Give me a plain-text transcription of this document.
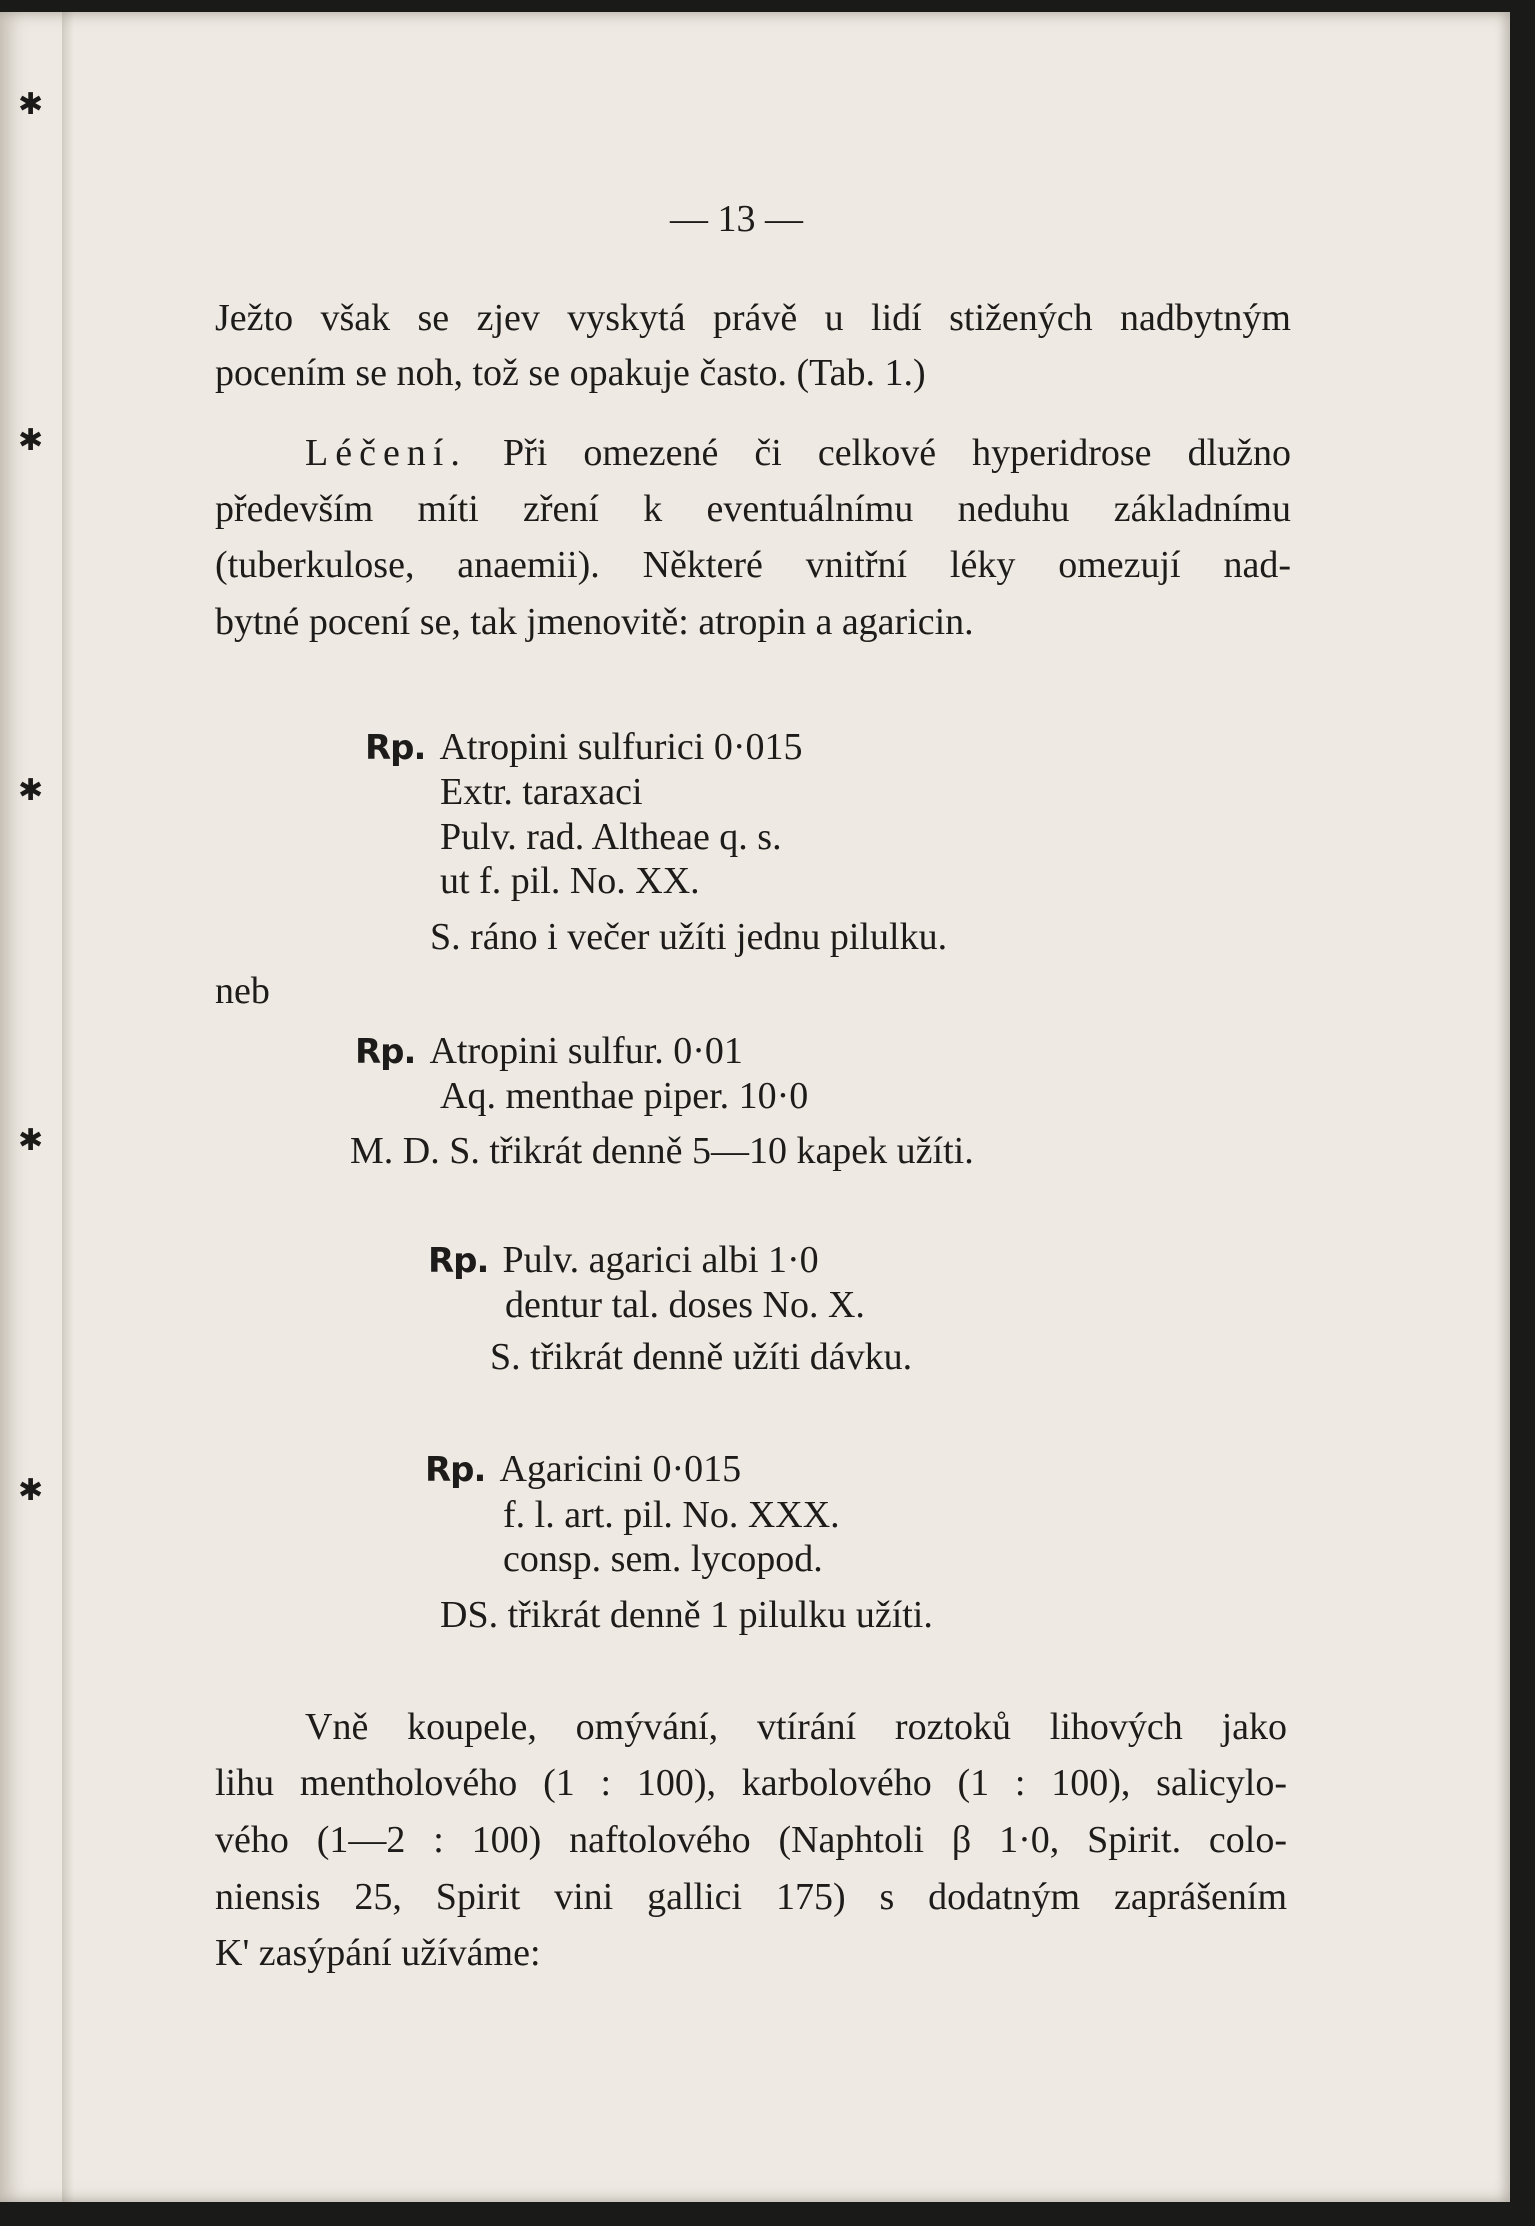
✱
✱
✱
✱
✱
— 13 —
Ježto však se zjev vyskytá právě u lidí stižených nadbytným
pocením se noh, tož se opakuje často. (Tab. 1.)
Léčení. Při omezené či celkové hyperidrose dlužno
především míti zření k eventuálnímu neduhu základnímu
(tuberkulose, anaemii). Některé vnitřní léky omezují nad-
bytné pocení se, tak jmenovitě: atropin a agaricin.
Rp. Atropini sulfurici 0·015
Extr. taraxaci
Pulv. rad. Altheae q. s.
ut f. pil. No. XX.
S. ráno i večer užíti jednu pilulku.
neb
Rp. Atropini sulfur. 0·01
Aq. menthae piper. 10·0
M. D. S. třikrát denně 5—10 kapek užíti.
Rp. Pulv. agarici albi 1·0
dentur tal. doses No. X.
S. třikrát denně užíti dávku.
Rp. Agaricini 0·015
f. l. art. pil. No. XXX.
consp. sem. lycopod.
DS. třikrát denně 1 pilulku užíti.
Vně koupele, omývání, vtírání roztoků lihových jako
lihu mentholového (1 : 100), karbolového (1 : 100), salicylo-
vého (1—2 : 100) naftolového (Naphtoli β 1·0, Spirit. colo-
niensis 25, Spirit vini gallici 175) s dodatným zaprášením
K' zasýpání užíváme:
